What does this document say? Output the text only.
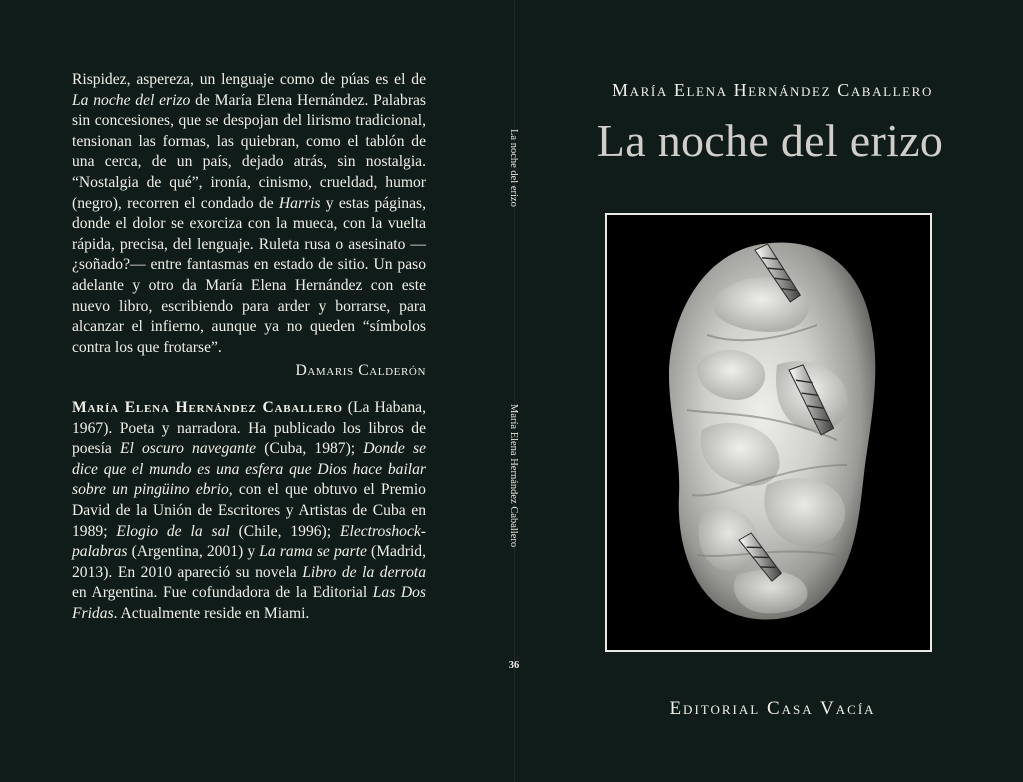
Rispidez, aspereza, un lenguaje como de púas es el de La noche del erizo de María Elena Hernández. Palabras sin concesiones, que se despojan del lirismo tradicional, tensionan las formas, las quiebran, como el tablón de una cerca, de un país, dejado atrás, sin nostalgia. “Nostalgia de qué”, ironía, cinismo, crueldad, humor (negro), recorren el condado de Harris y estas páginas, donde el dolor se exorciza con la mueca, con la vuelta rápida, precisa, del lenguaje. Ruleta rusa o asesinato —¿soñado?— entre fantasmas en estado de sitio. Un paso adelante y otro da María Elena Hernández con este nuevo libro, escribiendo para arder y borrarse, para alcanzar el infierno, aunque ya no queden “símbolos contra los que frotarse”.

Damaris Calderón

María Elena Hernández Caballero (La Habana, 1967). Poeta y narradora. Ha publicado los libros de poesía El oscuro navegante (Cuba, 1987); Donde se dice que el mundo es una esfera que Dios hace bailar sobre un pingüino ebrio, con el que obtuvo el Premio David de la Unión de Escritores y Artistas de Cuba en 1989; Elogio de la sal (Chile, 1996); Electroshock-palabras (Argentina, 2001) y La rama se parte (Madrid, 2013). En 2010 apareció su novela Libro de la derrota en Argentina. Fue cofundadora de la Editorial Las Dos Fridas. Actualmente reside en Miami.

La noche del erizo
María Elena Hernández Caballero
36
María Elena Hernández Caballero
La noche del erizo
Editorial Casa Vacía
